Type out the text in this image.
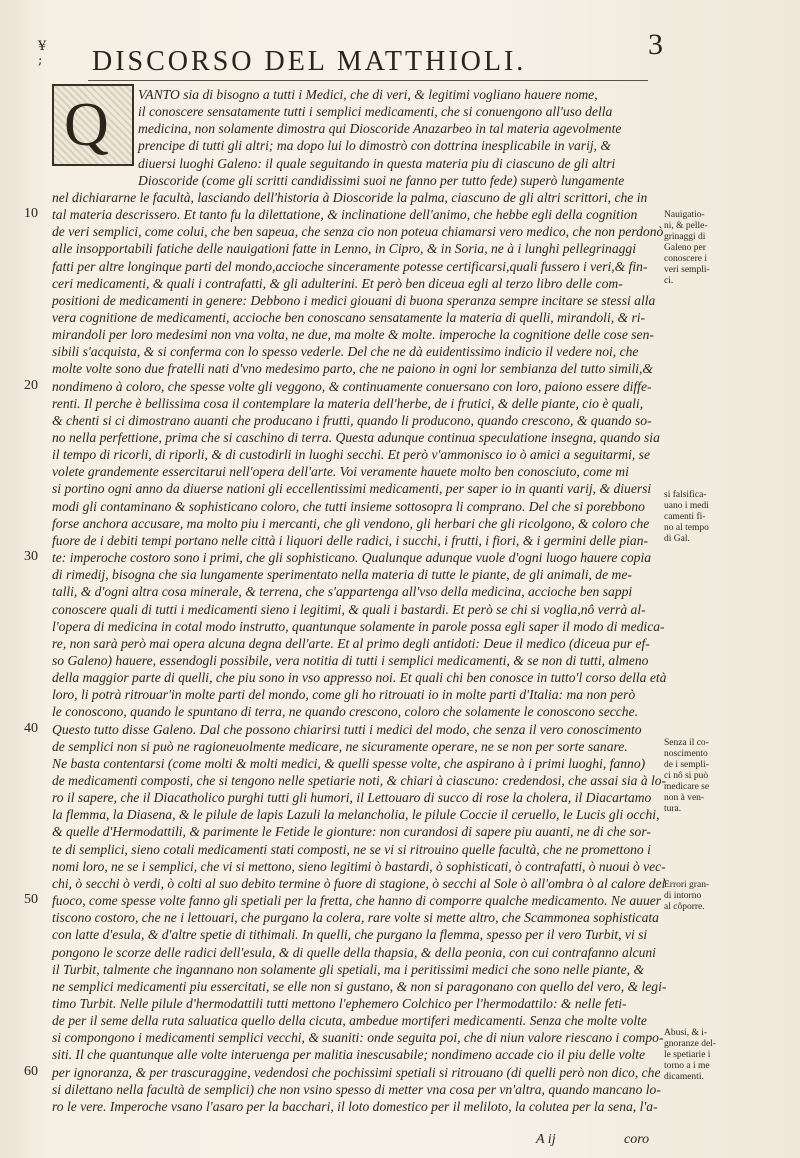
¥
; DISCORSO DEL MATTHIOLI.
3
Q VANTO sia di bisogno a tutti i Medici, che di veri, & legitimi vogliano hauere nome,
il conoscere sensatamente tutti i semplici medicamenti, che si conuengono all'uso della
medicina, non solamente dimostra qui Dioscoride Anazarbeo in tal materia agevolmente
prencipe di tutti gli altri; ma dopo lui lo dimostrò con dottrina inesplicabile in varij, &
diuersi luoghi Galeno: il quale seguitando in questa materia piu di ciascuno de gli altri
Dioscoride (come gli scritti candidissimi suoi ne fanno per tutto fede) superò lungamente
nel dichiararne le facultà, lasciando dell'historia à Dioscoride la palma, ciascuno de gli altri scrittori, che in
tal materia descrissero. Et tanto fu la dilettatione, & inclinatione dell'animo, che hebbe egli della cognition
de veri semplici, come colui, che ben sapeua, che senza cio non poteua chiamarsi vero medico, che non perdonò
alle insopportabili fatiche delle nauigationi fatte in Lenno, in Cipro, & in Soria, ne à i lunghi pellegrinaggi
fatti per altre longinque parti del mondo,accioche sinceramente potesse certificarsi,quali fussero i veri,& fin-
ceri medicamenti, & quali i contrafatti, & gli adulterini. Et però ben diceua egli al terzo libro delle com-
positioni de medicamenti in genere: Debbono i medici giouani di buona speranza sempre incitare se stessi alla
vera cognitione de medicamenti, accioche ben conoscano sensatamente la materia di quelli, mirandoli, & ri-
mirandoli per loro medesimi non vna volta, ne due, ma molte & molte. imperoche la cognitione delle cose sen-
sibili s'acquista, & si conferma con lo spesso vederle. Del che ne dà euidentissimo indicio il vedere noi, che
molte volte sono due fratelli nati d'vno medesimo parto, che ne paiono in ogni lor sembianza del tutto simili,&
nondimeno à coloro, che spesse volte gli veggono, & continuamente conuersano con loro, paiono essere diffe-
renti. Il perche è bellissima cosa il contemplare la materia dell'herbe, de i frutici, & delle piante, cio è quali,
& chenti si ci dimostrano auanti che producano i frutti, quando li producono, quando crescono, & quando so-
no nella perfettione, prima che si caschino di terra. Questa adunque continua speculatione insegna, quando sia
il tempo di ricorli, di riporli, & di custodirli in luoghi secchi. Et però v'ammonisco io ò amici a seguitarmi, se
volete grandemente essercitarui nell'opera dell'arte. Voi veramente hauete molto ben conosciuto, come mi
si portino ogni anno da diuerse nationi gli eccellentissimi medicamenti, per saper io in quanti varij, & diuersi
modi gli contaminano & sophisticano coloro, che tutti insieme sottosopra li comprano. Del che si porebbono
forse anchora accusare, ma molto piu i mercanti, che gli vendono, gli herbari che gli ricolgono, & coloro che
fuore de i debiti tempi portano nelle città i liquori delle radici, i succhi, i frutti, i fiori, & i germini delle pian-
te: imperoche costoro sono i primi, che gli sophisticano. Qualunque adunque vuole d'ogni luogo hauere copia
di rimedij, bisogna che sia lungamente sperimentato nella materia di tutte le piante, de gli animali, de me-
talli, & d'ogni altra cosa minerale, & terrena, che s'appartenga all'vso della medicina, accioche ben sappi
conoscere quali di tutti i medicamenti sieno i legitimi, & quali i bastardi. Et però se chi si voglia,nô verrà al-
l'opera di medicina in cotal modo instrutto, quantunque solamente in parole possa egli saper il modo di medica-
re, non sarà però mai opera alcuna degna dell'arte. Et al primo degli antidoti: Deue il medico (diceua pur ef-
so Galeno) hauere, essendogli possibile, vera notitia di tutti i semplici medicamenti, & se non di tutti, almeno
della maggior parte di quelli, che piu sono in vso appresso noi. Et quali chi ben conosce in tutto'l corso della età
loro, li potrà ritrouar'in molte parti del mondo, come gli ho ritrouati io in molte parti d'Italia: ma non però
le conoscono, quando le spuntano di terra, ne quando crescono, coloro che solamente le conoscono secche.
Questo tutto disse Galeno. Dal che possono chiarirsi tutti i medici del modo, che senza il vero conoscimento
de semplici non si può ne ragioneuolmente medicare, ne sicuramente operare, ne se non per sorte sanare.
Ne basta contentarsi (come molti & molti medici, & quelli spesse volte, che aspirano à i primi luoghi, fanno)
de medicamenti composti, che si tengono nelle spetiarie noti, & chiari à ciascuno: credendosi, che assai sia à lo-
ro il sapere, che il Diacatholico purghi tutti gli humori, il Lettouaro di succo di rose la cholera, il Diacartamo
la flemma, la Diasena, & le pilule de lapis Lazuli la melancholia, le pilule Coccie il ceruello, le Lucis gli occhi,
& quelle d'Hermodattili, & parimente le Fetide le gionture: non curandosi di sapere piu auanti, ne di che sor-
te di semplici, sieno cotali medicamenti stati composti, ne se vi si ritrouino quelle facultà, che ne promettono i
nomi loro, ne se i semplici, che vi si mettono, sieno legitimi ò bastardi, ò sophisticati, ò contrafatti, ò nuoui ò vec-
chi, ò secchi ò verdi, ò colti al suo debito termine ò fuore di stagione, ò secchi al Sole ò all'ombra ò al calore del
fuoco, come spesse volte fanno gli spetiali per la fretta, che hanno di comporre qualche medicamento. Ne auuer
tiscono costoro, che ne i lettouari, che purgano la colera, rare volte si mette altro, che Scammonea sophisticata
con latte d'esula, & d'altre spetie di tithimali. In quelli, che purgano la flemma, spesso per il vero Turbit, vi si
pongono le scorze delle radici dell'esula, & di quelle della thapsia, & della peonia, con cui contrafanno alcuni
il Turbit, talmente che ingannano non solamente gli spetiali, ma i peritissimi medici che sono nelle piante, &
ne semplici medicamenti piu essercitati, se elle non si gustano, & non si paragonano con quello del vero, & legi-
timo Turbit. Nelle pilule d'hermodattili tutti mettono l'ephemero Colchico per l'hermodattilo: & nelle feti-
de per il seme della ruta saluatica quello della cicuta, ambedue mortiferi medicamenti. Senza che molte volte
si compongono i medicamenti semplici vecchi, & suaniti: onde seguita poi, che di niun valore riescano i compo-
siti. Il che quantunque alle volte interuenga per malitia inescusabile; nondimeno accade cio il piu delle volte
per ignoranza, & per trascuraggine, vedendosi che pochissimi spetiali si ritrouano (di quelli però non dico, che
si dilettano nella facultà de semplici) che non vsino spesso di metter vna cosa per vn'altra, quando mancano lo-
ro le vere. Imperoche vsano l'asaro per la bacchari, il loto domestico per il meliloto, la colutea per la sena, l'a-
10
20
30
40
50
60
Nauigatio-
ni, & pelle-
grinaggi di
Galeno per
conoscere i
veri sempli-
ci.
si falsifica-
uano i medi
camenti fi-
no al tempo
di Gal.
Senza il co-
noscimento
de i sempli-
ci nô si può
medicare se
non à ven-
tura.
Errori gran-
di intorno
al côporre.
Abusi, & i-
gnoranze del-
le spetiarie i
torno a i me
dicamenti.
A ij	coro
